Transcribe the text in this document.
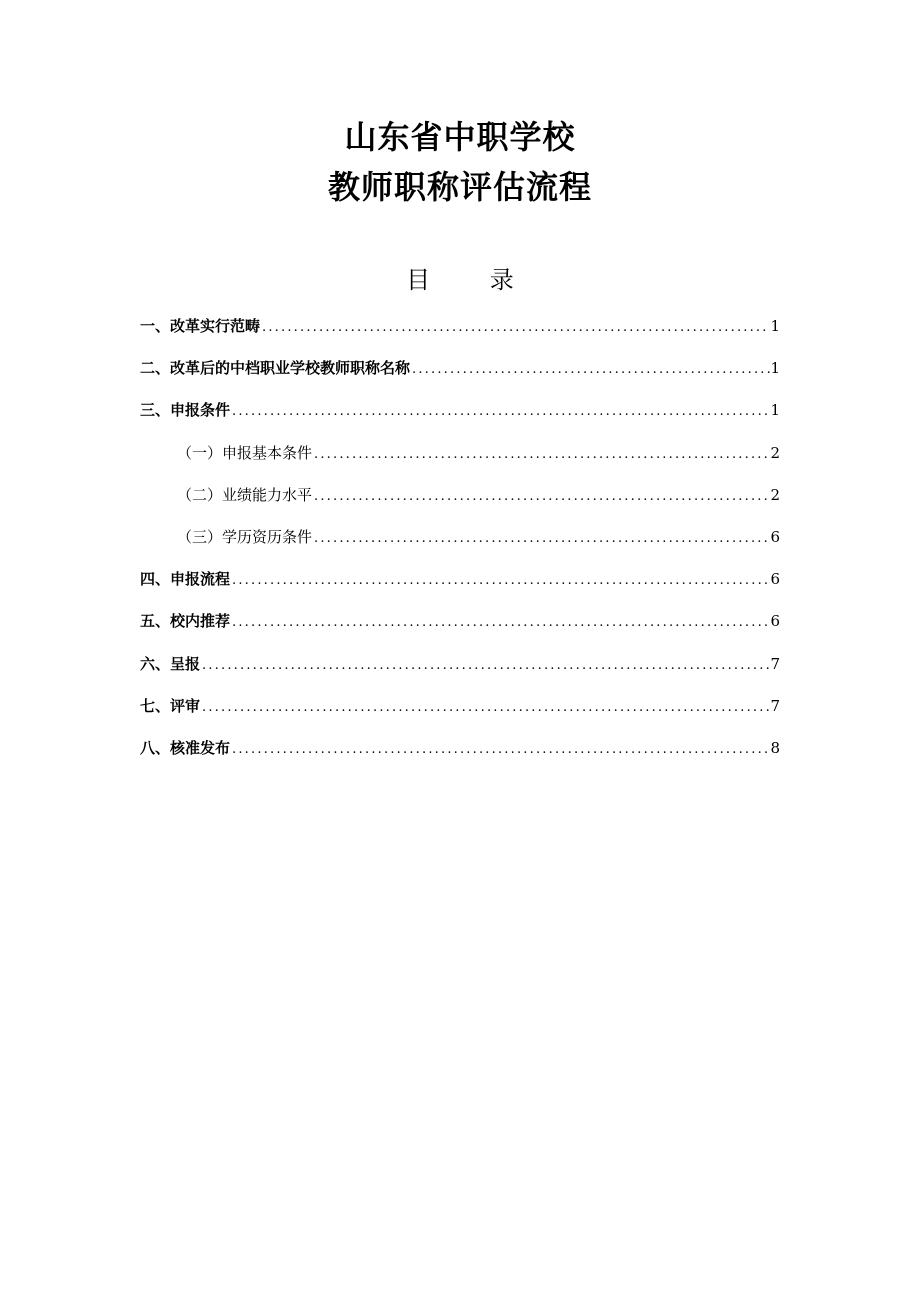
山东省中职学校
教师职称评估流程
目 录
一、改革实行范畴 .....	1
二、改革后的中档职业学校教师职称名称 .....	1
三、申报条件 .....	1
（一）申报基本条件 .....	2
（二）业绩能力水平 .....	2
（三）学历资历条件 .....	6
四、申报流程 .....	6
五、校内推荐 .....	6
六、呈报 .....	7
七、评审 .....	7
八、核准发布 .....	8
